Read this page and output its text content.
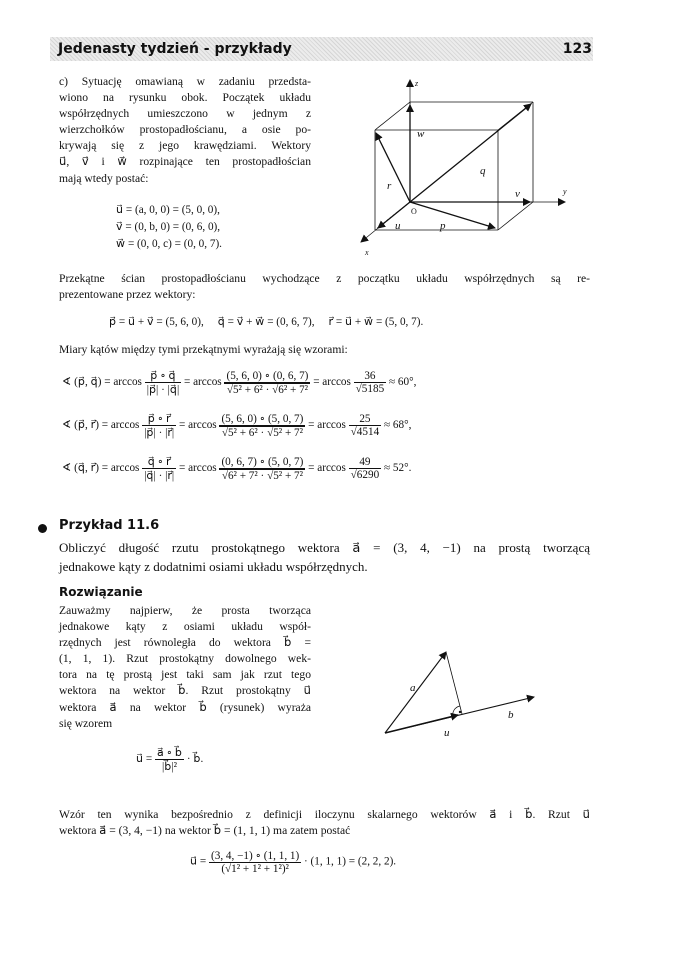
Jedenasty tydzień - przykłady	123

c) Sytuację omawianą w zadaniu przedsta-

wiono na rysunku obok. Początek układu

współrzędnych umieszczono w jednym z

wierzchołków prostopadłościanu, a osie po-

krywają się z jego krawędziami. Wektory

u⃗, v⃗ i w⃗ rozpinające ten prostopadłościan

mają wtedy postać:

u⃗ = (a, 0, 0) = (5, 0, 0),
v⃗ = (0, b, 0) = (0, 6, 0),
w⃗ = (0, 0, c) = (0, 0, 7).
z
y
x
O
w⃗
q⃗
r⃗
v⃗
u⃗	p⃗

Przekątne ścian prostopadłościanu wychodzące z początku układu współrzędnych są re-

prezentowane przez wektory:

p⃗ = u⃗ + v⃗ = (5, 6, 0),     q⃗ = v⃗ + w⃗ = (0, 6, 7),     r⃗ = u⃗ + w⃗ = (5, 0, 7).
Miary kątów między tymi przekątnymi wyrażają się wzorami:
∢ (p⃗, q⃗) = $\arccos \frac{p⃗ \circ q⃗}{|p⃗| \cdot |q⃗|} = \arccos \frac{(5, 6, 0) \circ (0, 6, 7)}{\text{√5² + 6² · √6² + 7²}} = \arccos \frac{36}{√5185} \approx 60^\circ$,
∢ (p⃗, r⃗) = $\arccos \frac{p⃗ \circ r⃗}{|p⃗| \cdot |r⃗|} = \arccos \frac{(5, 6, 0) \circ (5, 0, 7)}{\text{√5² + 6² · √5² + 7²}} = \arccos \frac{25}{√4514} \approx 68^\circ$,
∢ (q⃗, r⃗) = $\arccos \frac{q⃗ \circ r⃗}{|q⃗| \cdot |r⃗|} = \arccos \frac{(0, 6, 7) \circ (5, 0, 7)}{\text{√6² + 7² · √5² + 7²}} = \arccos \frac{49}{√6290} \approx 52^\circ$.
Przykład 11.6
Obliczyć długość rzutu prostokątnego wektora a⃗ = (3, 4, −1) na prostą tworzącą
jednakowe kąty z dodatnimi osiami układu współrzędnych.
Rozwiązanie

Zauważmy najpierw, że prosta tworząca

jednakowe kąty z osiami układu współ-

rzędnych jest równoległa do wektora b⃗ =

(1, 1, 1). Rzut prostokątny dowolnego wek-

tora na tę prostą jest taki sam jak rzut tego

wektora na wektor b⃗. Rzut prostokątny u⃗

wektora a⃗ na wektor b⃗ (rysunek) wyraża

się wzorem

u⃗ = $\frac{a⃗ \circ b⃗}{\text{|b⃗|²}}$ · b⃗.
a⃗
b⃗
u⃗

Wzór ten wynika bezpośrednio z definicji iloczynu skalarnego wektorów a⃗ i b⃗. Rzut u⃗

wektora a⃗ = (3, 4, −1) na wektor b⃗ = (1, 1, 1) ma zatem postać

u⃗ = $\frac{(3, 4, -1) \circ (1, 1, 1)}{\text{(√1² + 1² + 1²)²}} \cdot (1$, 1, 1) = (2, 2, 2).
